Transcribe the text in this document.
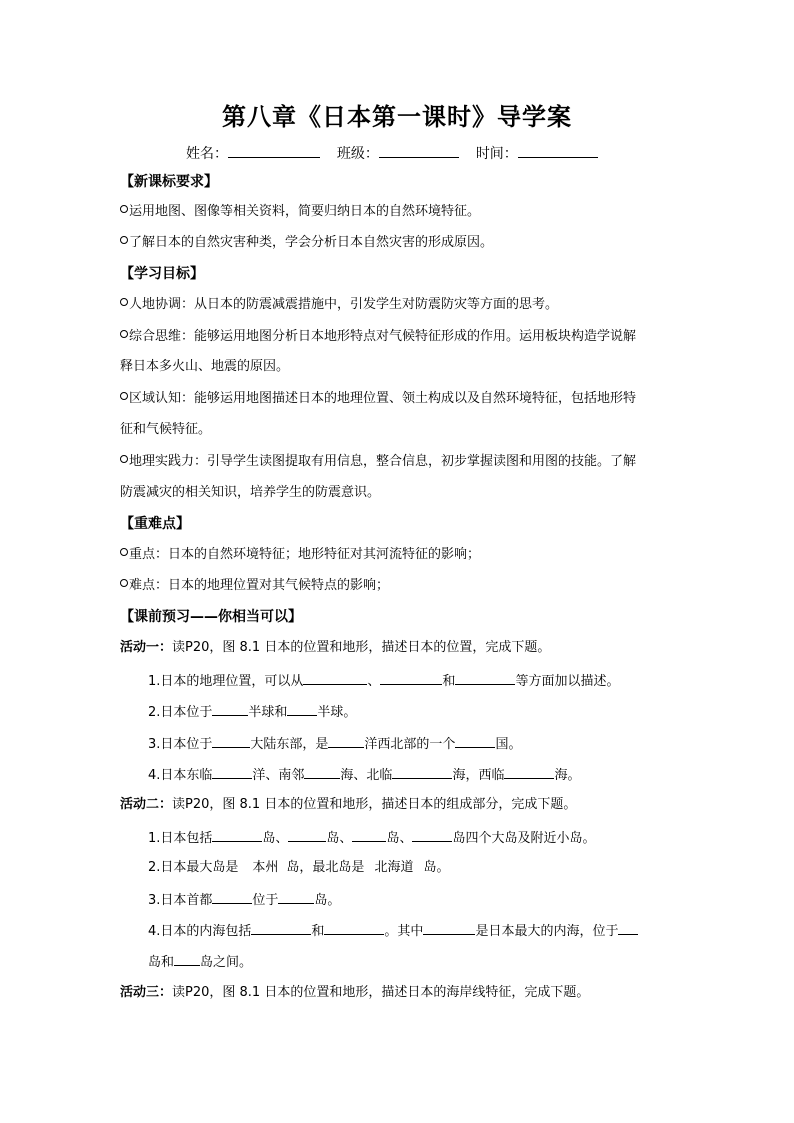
第八章《日本第一课时》导学案
姓名：	班级：	时间：
【新课标要求】
运用地图、图像等相关资料，简要归纳日本的自然环境特征。
了解日本的自然灾害种类，学会分析日本自然灾害的形成原因。
【学习目标】
人地协调：从日本的防震减震措施中，引发学生对防震防灾等方面的思考。
综合思维：能够运用地图分析日本地形特点对气候特征形成的作用。运用板块构造学说解
释日本多火山、地震的原因。
区域认知：能够运用地图描述日本的地理位置、领土构成以及自然环境特征，包括地形特
征和气候特征。
地理实践力：引导学生读图提取有用信息，整合信息，初步掌握读图和用图的技能。了解
防震减灾的相关知识，培养学生的防震意识。
【重难点】
重点：日本的自然环境特征；地形特征对其河流特征的影响；
难点：日本的地理位置对其气候特点的影响；
【课前预习——你相当可以】
活动一：读P20，图 8.1 日本的位置和地形，描述日本的位置，完成下题。
1.日本的地理位置，可以从	、	和	等方面加以描述。
2.日本位于	半球和 半球。
3.日本位于	大陆东部，是	洋西北部的一个	国。
4.日本东临	洋、南邻	海、北临	海，西临	海。
活动二：读P20，图 8.1 日本的位置和地形，描述日本的组成部分，完成下题。
1.日本包括	岛、	岛、	岛、	岛四个大岛及附近小岛。
2.日本最大岛是 本州 岛，最北岛是 北海道 岛。
3.日本首都	位于	岛。
4.日本的内海包括	和	。其中	是日本最大的内海，位于
岛和 岛之间。
活动三：读P20，图 8.1 日本的位置和地形，描述日本的海岸线特征，完成下题。
